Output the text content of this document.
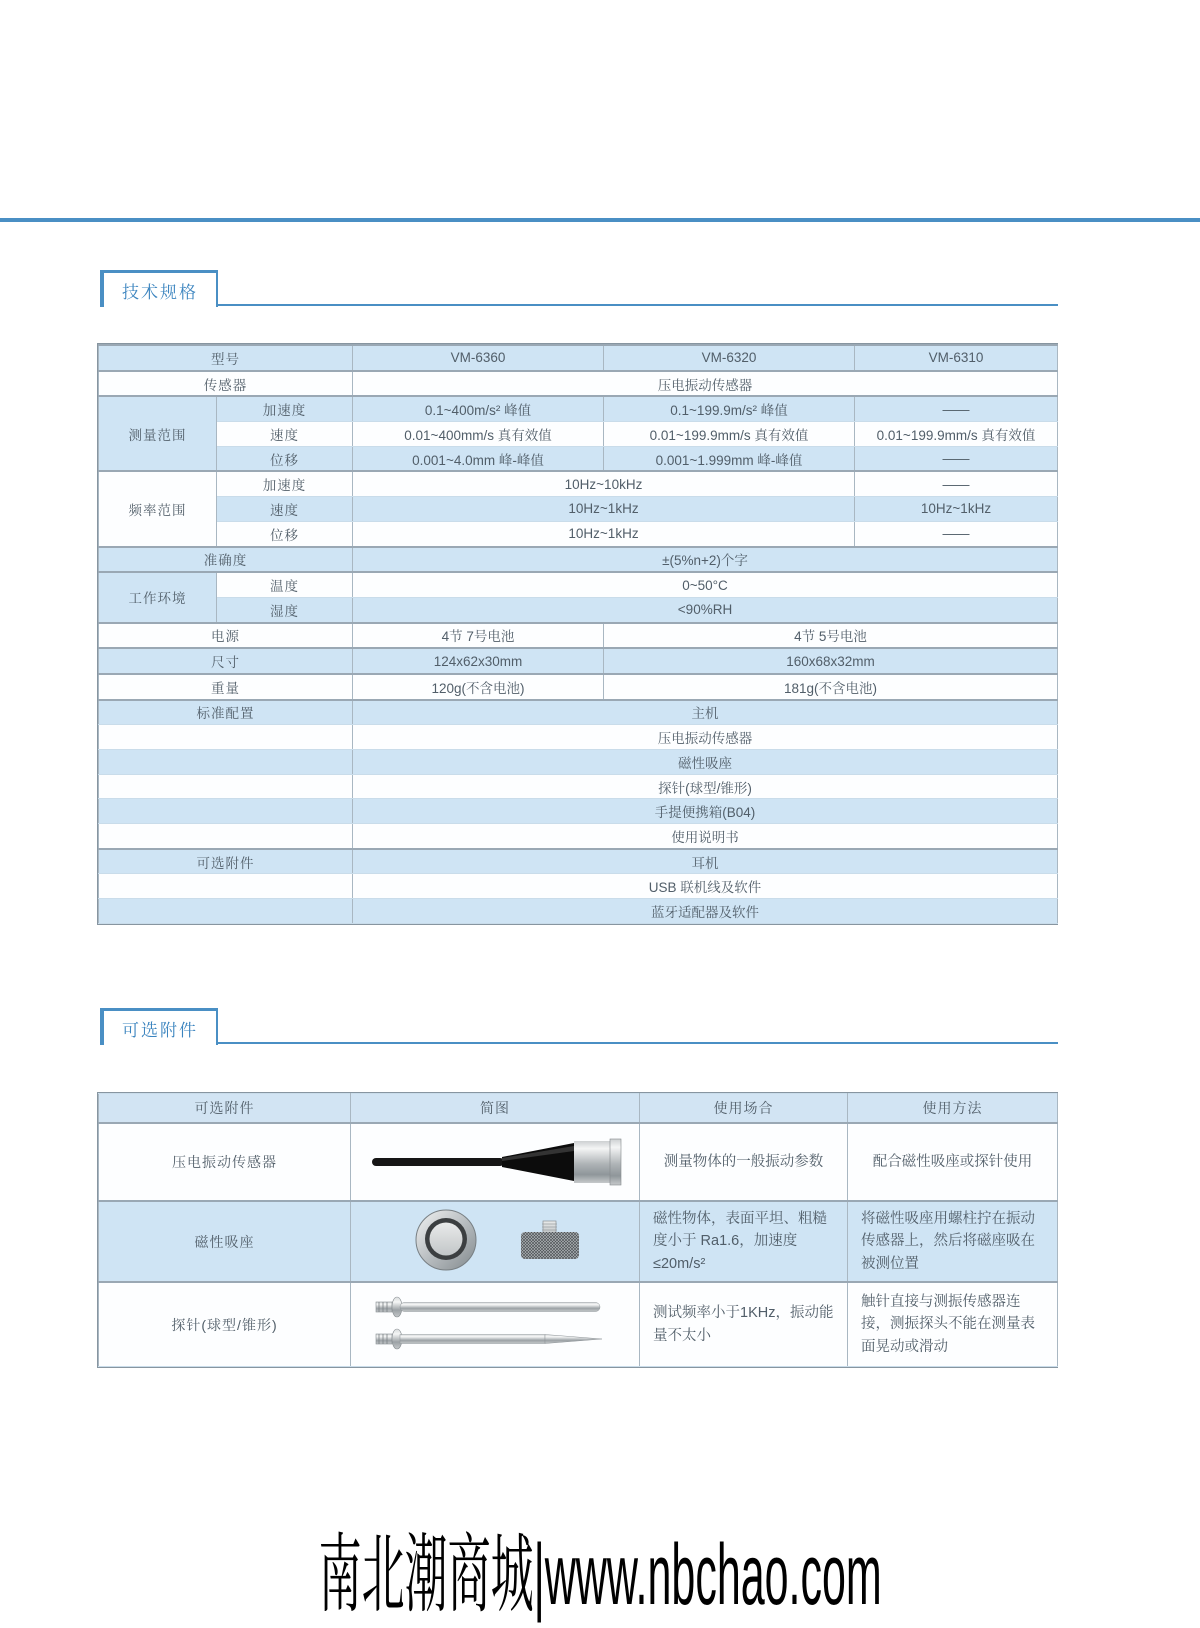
技术规格
型号		VM-6360	VM-6320	VM-6310
传感器		压电振动传感器		
测量范围	加速度	0.1~400m/s² 峰值	0.1~199.9m/s² 峰值	——
	速度	0.01~400mm/s 真有效值	0.01~199.9mm/s 真有效值	0.01~199.9mm/s 真有效值
	位移	0.001~4.0mm 峰-峰值	0.001~1.999mm 峰-峰值	——
频率范围	加速度	10Hz~10kHz		——
	速度	10Hz~1kHz		10Hz~1kHz
	位移	10Hz~1kHz		——
准确度		±(5%n+2)个字		
工作环境	温度	0~50°C		
	湿度	<90%RH		
电源		4节 7号电池	4节 5号电池	
尺寸		124x62x30mm	160x68x32mm	
重量		120g(不含电池)	181g(不含电池)	
标准配置		主机		
		压电振动传感器		
		磁性吸座		
		探针(球型/锥形)		
		手提便携箱(B04)		
		使用说明书		
可选附件		耳机		
		USB 联机线及软件		
		蓝牙适配器及软件		
可选附件
可选附件	简图	使用场合	使用方法
压电振动传感器		测量物体的一般振动参数	配合磁性吸座或探针使用
磁性吸座		磁性物体，表面平坦、粗糙度小于 Ra1.6，加速度≤20m/s²	将磁性吸座用螺柱拧在振动传感器上，然后将磁座吸在被测位置
探针(球型/锥形)		测试频率小于1KHz，振动能量不太小	触针直接与测振传感器连接，测振探头不能在测量表面晃动或滑动
南北潮商城|www.nbchao.com
